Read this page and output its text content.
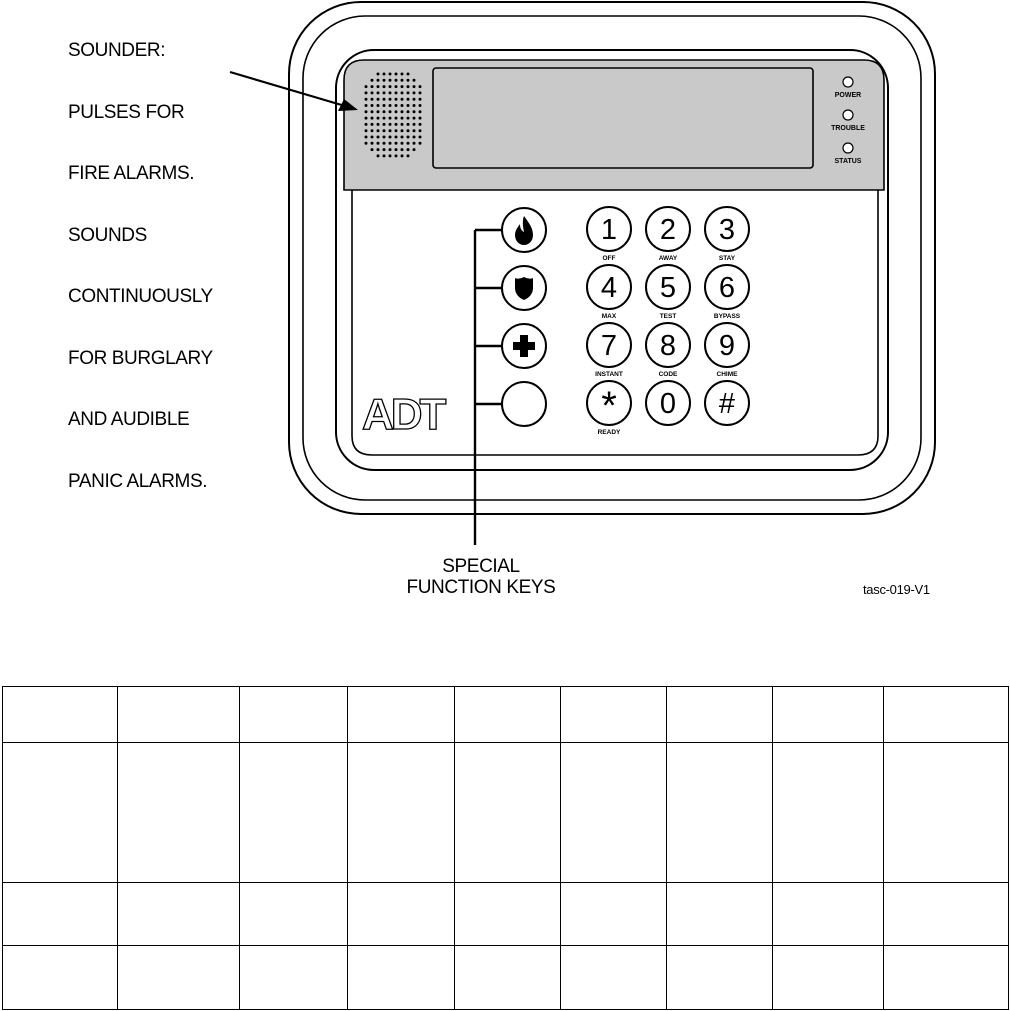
SOUNDER:

PULSES FOR

FIRE ALARMS.

SOUNDS

CONTINUOUSLY

FOR BURGLARY

AND AUDIBLE

PANIC ALARMS.

POWER
TROUBLE
STATUS
1
OFF
2
AWAY
3
STAY
4
MAX
5
TEST
6
BYPASS
7
INSTANT
8
CODE
9
CHIME
*
READY
0 #
ADT
SPECIAL
FUNCTION KEYS	tasc-019-V1
